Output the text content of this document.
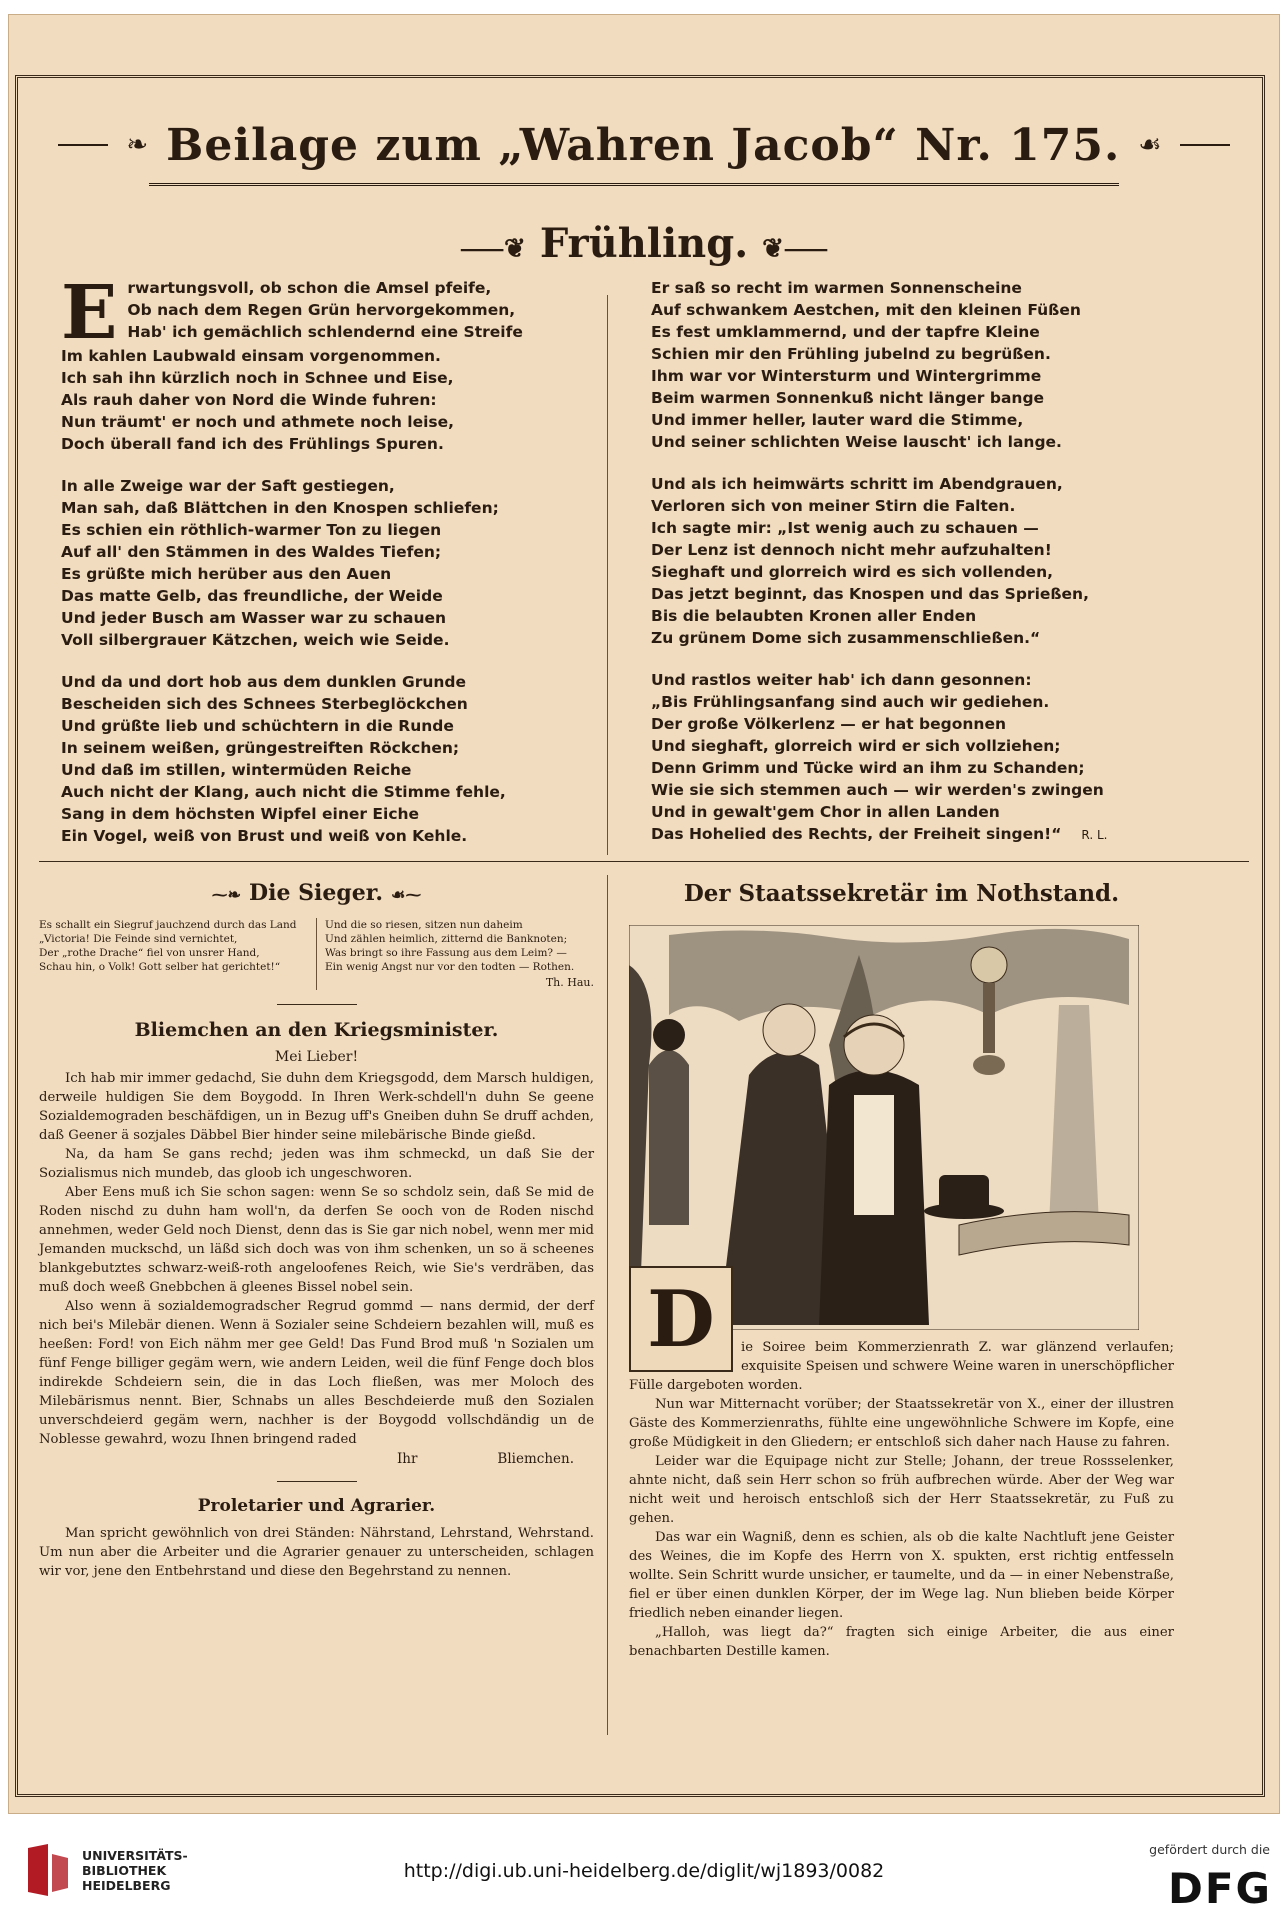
❧ Beilage zum „Wahren Jacob“ Nr. 175. ☙
⸺❦ Frühling. ❦⸺
E rwartungsvoll, ob schon die Amsel pfeife,
Ob nach dem Regen Grün hervorgekommen,
Hab' ich gemächlich schlendernd eine Streife
Im kahlen Laubwald einsam vorgenommen.
Ich sah ihn kürzlich noch in Schnee und Eise,
Als rauh daher von Nord die Winde fuhren:
Nun träumt' er noch und athmete noch leise,
Doch überall fand ich des Frühlings Spuren.
In alle Zweige war der Saft gestiegen,
Man sah, daß Blättchen in den Knospen schliefen;
Es schien ein röthlich-warmer Ton zu liegen
Auf all' den Stämmen in des Waldes Tiefen;
Es grüßte mich herüber aus den Auen
Das matte Gelb, das freundliche, der Weide
Und jeder Busch am Wasser war zu schauen
Voll silbergrauer Kätzchen, weich wie Seide.
Und da und dort hob aus dem dunklen Grunde
Bescheiden sich des Schnees Sterbeglöckchen
Und grüßte lieb und schüchtern in die Runde
In seinem weißen, grüngestreiften Röckchen;
Und daß im stillen, wintermüden Reiche
Auch nicht der Klang, auch nicht die Stimme fehle,
Sang in dem höchsten Wipfel einer Eiche
Ein Vogel, weiß von Brust und weiß von Kehle.
Er saß so recht im warmen Sonnenscheine
Auf schwankem Aestchen, mit den kleinen Füßen
Es fest umklammernd, und der tapfre Kleine
Schien mir den Frühling jubelnd zu begrüßen.
Ihm war vor Wintersturm und Wintergrimme
Beim warmen Sonnenkuß nicht länger bange
Und immer heller, lauter ward die Stimme,
Und seiner schlichten Weise lauscht' ich lange.
Und als ich heimwärts schritt im Abendgrauen,
Verloren sich von meiner Stirn die Falten.
Ich sagte mir: „Ist wenig auch zu schauen —
Der Lenz ist dennoch nicht mehr aufzuhalten!
Sieghaft und glorreich wird es sich vollenden,
Das jetzt beginnt, das Knospen und das Sprießen,
Bis die belaubten Kronen aller Enden
Zu grünem Dome sich zusammenschließen.“
Und rastlos weiter hab' ich dann gesonnen:
„Bis Frühlingsanfang sind auch wir gediehen.
Der große Völkerlenz — er hat begonnen
Und sieghaft, glorreich wird er sich vollziehen;
Denn Grimm und Tücke wird an ihm zu Schanden;
Wie sie sich stemmen auch — wir werden's zwingen
Und in gewalt'gem Chor in allen Landen
Das Hohelied des Rechts, der Freiheit singen!“ R. L.
⁓❧ Die Sieger. ☙⁓
Es schallt ein Siegruf jauchzend durch das Land
„Victoria! Die Feinde sind vernichtet,
Der „rothe Drache“ fiel von unsrer Hand,
Schau hin, o Volk! Gott selber hat gerichtet!“
Und die so riesen, sitzen nun daheim
Und zählen heimlich, zitternd die Banknoten;
Was bringt so ihre Fassung aus dem Leim? —
Ein wenig Angst nur vor den todten — Rothen.
Th. Hau.
Bliemchen an den Kriegsminister.
Mei Lieber!

Ich hab mir immer gedachd, Sie duhn dem Kriegsgodd, dem Marsch huldigen, derweile huldigen Sie dem Boygodd. In Ihren Werk-schdell'n duhn Se geene Sozialdemograden beschäfdigen, un in Bezug uff's Gneiben duhn Se druff achden, daß Geener ä sozjales Däbbel Bier hinder seine milebärische Binde gießd.

Na, da ham Se gans rechd; jeden was ihm schmeckd, un daß Sie der Sozialismus nich mundeb, das gloob ich ungeschworen.

Aber Eens muß ich Sie schon sagen: wenn Se so schdolz sein, daß Se mid de Roden nischd zu duhn ham woll'n, da derfen Se ooch von de Roden nischd annehmen, weder Geld noch Dienst, denn das is Sie gar nich nobel, wenn mer mid Jemanden muckschd, un läßd sich doch was von ihm schenken, un so ä scheenes blankgebutztes schwarz-weiß-roth angeloofenes Reich, wie Sie's verdräben, das muß doch weeß Gnebbchen ä gleenes Bissel nobel sein.

Also wenn ä sozialdemogradscher Regrud gommd — nans dermid, der derf nich bei's Milebär dienen. Wenn ä Sozialer seine Schdeiern bezahlen will, muß es heeßen: Ford! von Eich nähm mer gee Geld! Das Fund Brod muß 'n Sozialen um fünf Fenge billiger gegäm wern, wie andern Leiden, weil die fünf Fenge doch blos indirekde Schdeiern sein, die in das Loch fließen, was mer Moloch des Milebärismus nennt. Bier, Schnabs un alles Beschdeierde muß den Sozialen unverschdeierd gegäm wern, nachher is der Boygodd vollschdändig un de Noblesse gewahrd, wozu Ihnen bringend raded

Ihr	Bliemchen.
Proletarier und Agrarier.

Man spricht gewöhnlich von drei Ständen: Nährstand, Lehrstand, Wehrstand. Um nun aber die Arbeiter und die Agrarier genauer zu unterscheiden, schlagen wir vor, jene den Entbehrstand und diese den Begehrstand zu nennen.

Der Staatssekretär im Nothstand.
D	ie Soiree beim Kommerzienrath Z. war glänzend verlaufen; exquisite Speisen und schwere Weine waren in unerschöpflicher Fülle dargeboten worden.

Nun war Mitternacht vorüber; der Staatssekretär von X., einer der illustren Gäste des Kommerzienraths, fühlte eine ungewöhnliche Schwere im Kopfe, eine große Müdigkeit in den Gliedern; er entschloß sich daher nach Hause zu fahren.

Leider war die Equipage nicht zur Stelle; Johann, der treue Rossselenker, ahnte nicht, daß sein Herr schon so früh aufbrechen würde. Aber der Weg war nicht weit und heroisch entschloß sich der Herr Staatssekretär, zu Fuß zu gehen.

Das war ein Wagniß, denn es schien, als ob die kalte Nachtluft jene Geister des Weines, die im Kopfe des Herrn von X. spukten, erst richtig entfesseln wollte. Sein Schritt wurde unsicher, er taumelte, und da — in einer Nebenstraße, fiel er über einen dunklen Körper, der im Wege lag. Nun blieben beide Körper friedlich neben einander liegen.

„Halloh, was liegt da?“ fragten sich einige Arbeiter, die aus einer benachbarten Destille kamen.

UNIVERSITÄTS-
BIBLIOTHEK
HEIDELBERG
http://digi.ub.uni-heidelberg.de/diglit/wj1893/0082
gefördert durch die
DFG
